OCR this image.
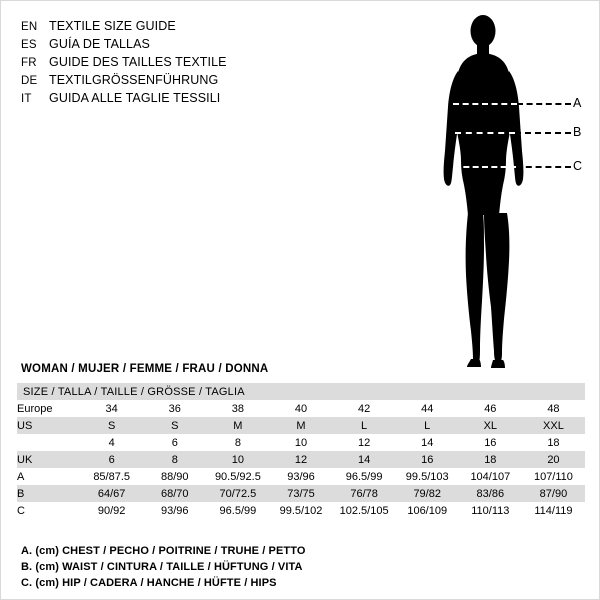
EN TEXTILE SIZE GUIDE
ES GUÍA DE TALLAS
FR GUIDE DES TAILLES TEXTILE
DE TEXTILGRÖSSENFÜHRUNG
IT	GUIDA ALLE TAGLIE TESSILI	A
B
C
WOMAN / MUJER / FEMME / FRAU / DONNA
SIZE / TALLA / TAILLE / GRÖSSE / TAGLIA								
Europe	34	36	38	40	42	44	46	48
US	S	S	M	M	L	L	XL	XXL
	4	6	8	10	12	14	16	18
UK	6	8	10	12	14	16	18	20
A	85/87.5	88/90	90.5/92.5	93/96	96.5/99	99.5/103	104/107	107/110
B	64/67	68/70	70/72.5	73/75	76/78	79/82	83/86	87/90
C	90/92	93/96	96.5/99	99.5/102	102.5/105	106/109	110/113	114/119
A. (cm) CHEST / PECHO / POITRINE / TRUHE / PETTO
B. (cm) WAIST / CINTURA / TAILLE / HÜFTUNG / VITA
C. (cm) HIP / CADERA / HANCHE / HÜFTE / HIPS
